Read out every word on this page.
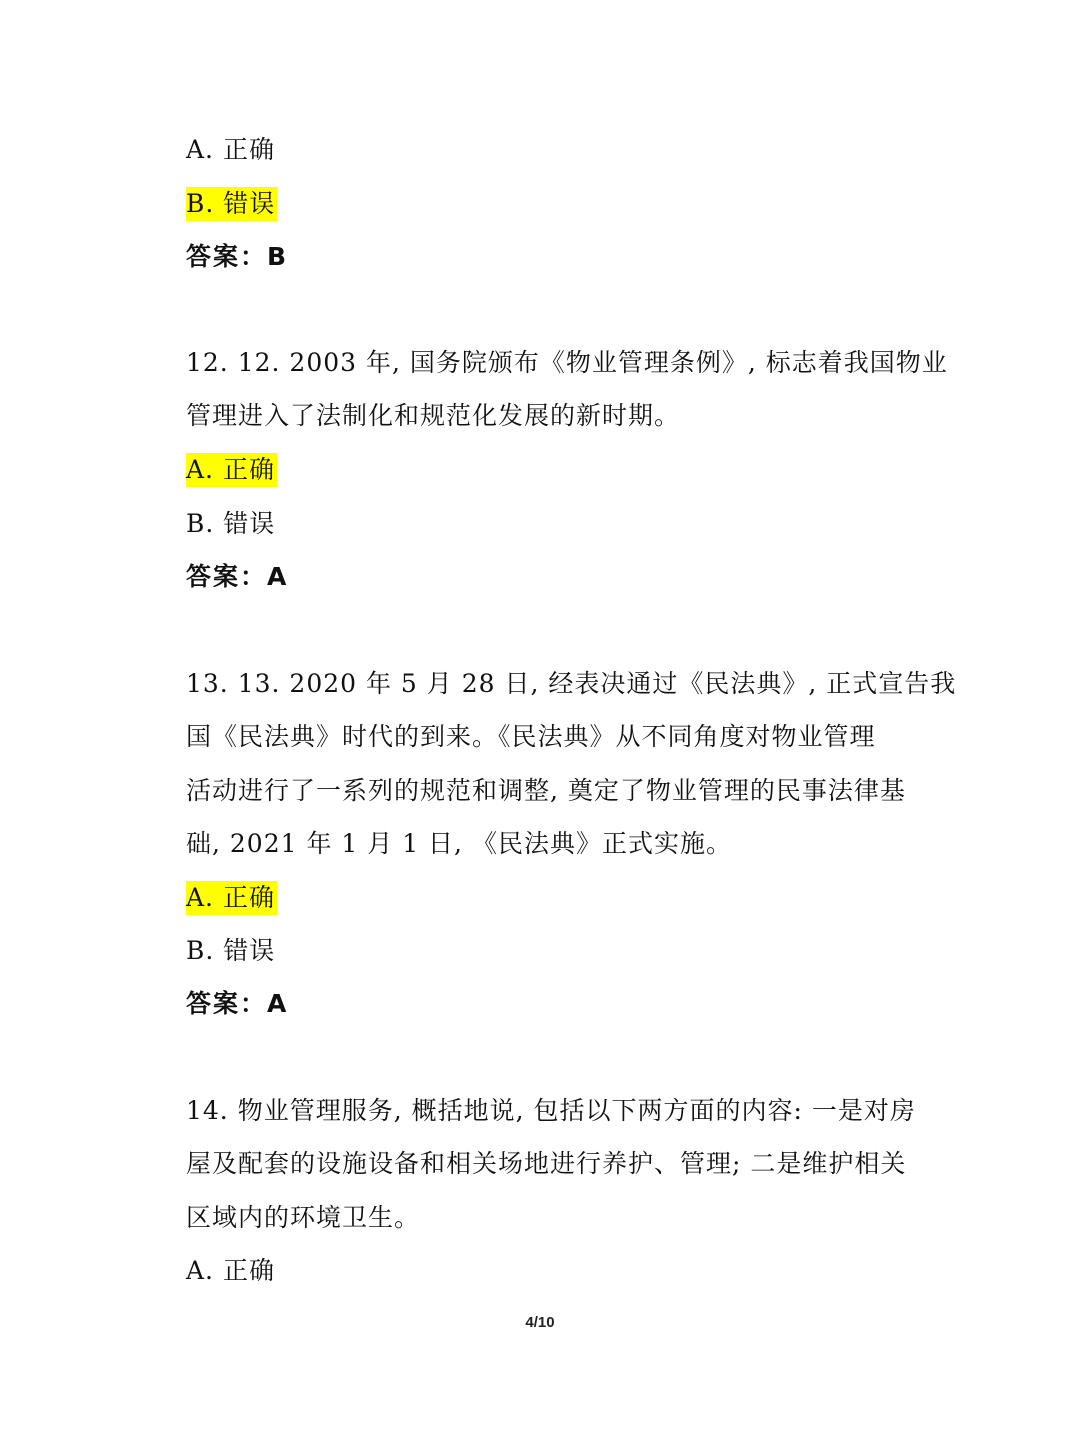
A. 正确
B. 错误
答案：B
12. 12. 2003 年, 国务院颁布《物业管理条例》, 标志着我国物业
管理进入了法制化和规范化发展的新时期。
A. 正确
B. 错误
答案：A
13. 13. 2020 年 5 月 28 日, 经表决通过《民法典》, 正式宣告我
国《民法典》时代的到来。《民法典》从不同角度对物业管理
活动进行了一系列的规范和调整, 奠定了物业管理的民事法律基
础, 2021 年 1 月 1 日, 《民法典》正式实施。
A. 正确
B. 错误
答案：A
14. 物业管理服务, 概括地说, 包括以下两方面的内容: 一是对房
屋及配套的设施设备和相关场地进行养护、管理; 二是维护相关
区域内的环境卫生。
A. 正确
4/10
